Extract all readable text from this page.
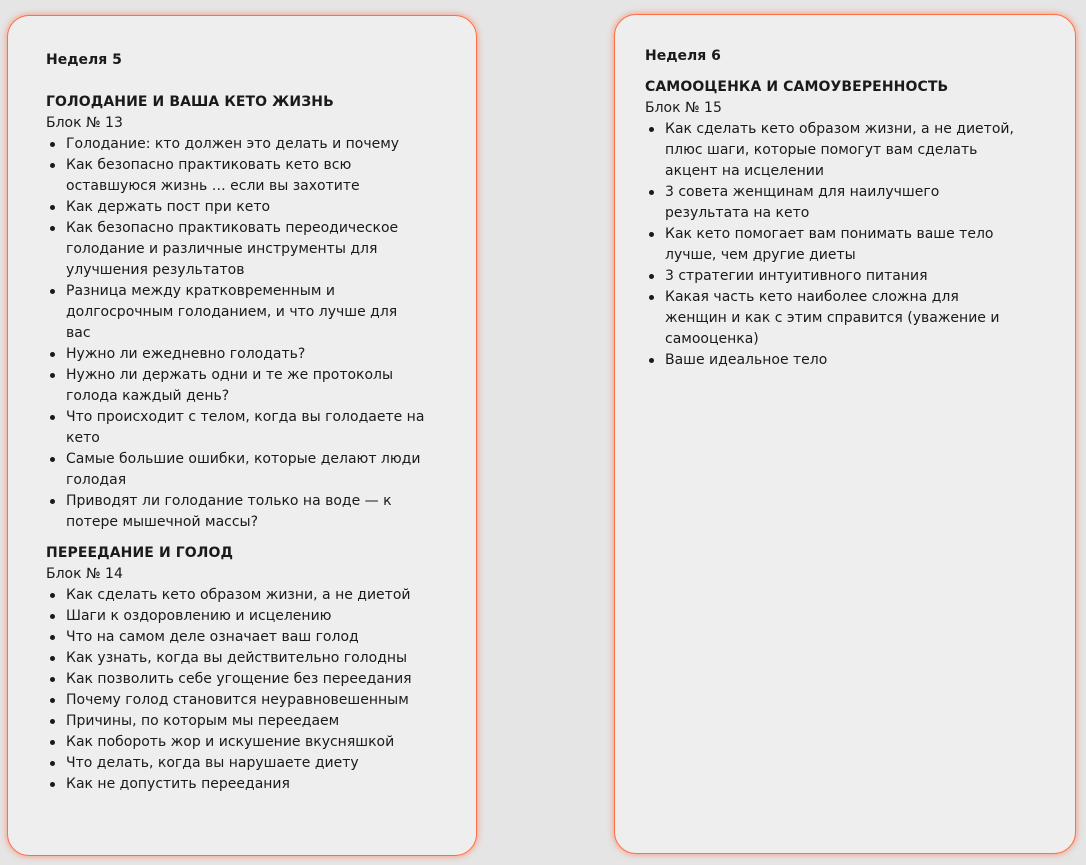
Неделя 5

ГОЛОДАНИЕ И ВАША КЕТО ЖИЗНЬ

Блок № 13

Голодание: кто должен это делать и почему
Как безопасно практиковать кето всю оставшуюся жизнь … если вы захотите
Как держать пост при кето
Как безопасно практиковать переодическое голодание и различные инструменты для улучшения результатов
Разница между кратковременным и долгосрочным голоданием, и что лучше для вас
Нужно ли ежедневно голодать?
Нужно ли держать одни и те же протоколы голода каждый день?
Что происходит с телом, когда вы голодаете на кето
Самые большие ошибки, которые делают люди голодая
Приводят ли голодание только на воде — к потере мышечной массы?

ПЕРЕЕДАНИЕ И ГОЛОД

Блок № 14

Как сделать кето образом жизни, а не диетой
Шаги к оздоровлению и исцелению
Что на самом деле означает ваш голод
Как узнать, когда вы действительно голодны
Как позволить себе угощение без переедания
Почему голод становится неуравновешенным
Причины, по которым мы переедаем
Как побороть жор и искушение вкусняшкой
Что делать, когда вы нарушаете диету
Как не допустить переедания

Неделя 6

САМООЦЕНКА И САМОУВЕРЕННОСТЬ

Блок № 15

Как сделать кето образом жизни, а не диетой, плюс шаги, которые помогут вам сделать акцент на исцелении
3 совета женщинам для наилучшего результата на кето
Как кето помогает вам понимать ваше тело лучше, чем другие диеты
3 стратегии интуитивного питания
Какая часть кето наиболее сложна для женщин и как с этим справится (уважение и самооценка)
Ваше идеальное тело
